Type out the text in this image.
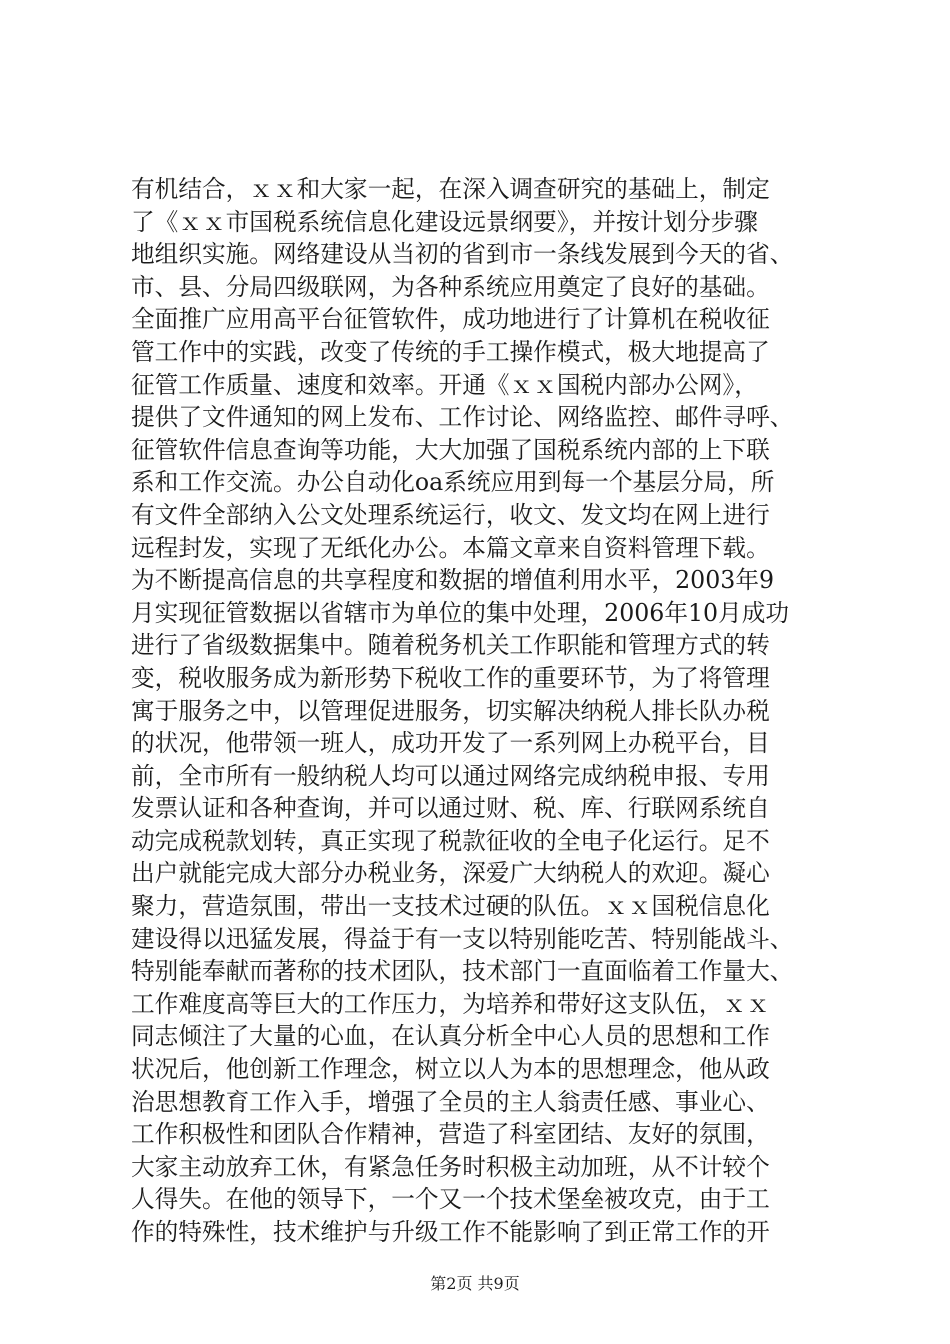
有机结合，ｘｘ和大家一起，在深入调查研究的基础上，制定
了《ｘｘ市国税系统信息化建设远景纲要》，并按计划分步骤
地组织实施。网络建设从当初的省到市一条线发展到今天的省、
市、县、分局四级联网，为各种系统应用奠定了良好的基础。
全面推广应用高平台征管软件，成功地进行了计算机在税收征
管工作中的实践，改变了传统的手工操作模式，极大地提高了
征管工作质量、速度和效率。开通《ｘｘ国税内部办公网》，
提供了文件通知的网上发布、工作讨论、网络监控、邮件寻呼、
征管软件信息查询等功能，大大加强了国税系统内部的上下联
系和工作交流。办公自动化oa系统应用到每一个基层分局，所
有文件全部纳入公文处理系统运行，收文、发文均在网上进行
远程封发，实现了无纸化办公。本篇文章来自资料管理下载。
为不断提高信息的共享程度和数据的增值利用水平，2003年9
月实现征管数据以省辖市为单位的集中处理，2006年10月成功
进行了省级数据集中。随着税务机关工作职能和管理方式的转
变，税收服务成为新形势下税收工作的重要环节，为了将管理
寓于服务之中，以管理促进服务，切实解决纳税人排长队办税
的状况，他带领一班人，成功开发了一系列网上办税平台，目
前，全市所有一般纳税人均可以通过网络完成纳税申报、专用
发票认证和各种查询，并可以通过财、税、库、行联网系统自
动完成税款划转，真正实现了税款征收的全电子化运行。足不
出户就能完成大部分办税业务，深爱广大纳税人的欢迎。凝心
聚力，营造氛围，带出一支技术过硬的队伍。ｘｘ国税信息化
建设得以迅猛发展，得益于有一支以特别能吃苦、特别能战斗、
特别能奉献而著称的技术团队，技术部门一直面临着工作量大、
工作难度高等巨大的工作压力，为培养和带好这支队伍，ｘｘ
同志倾注了大量的心血，在认真分析全中心人员的思想和工作
状况后，他创新工作理念，树立以人为本的思想理念，他从政
治思想教育工作入手，增强了全员的主人翁责任感、事业心、
工作积极性和团队合作精神，营造了科室团结、友好的氛围，
大家主动放弃工休，有紧急任务时积极主动加班，从不计较个
人得失。在他的领导下，一个又一个技术堡垒被攻克，由于工
作的特殊性，技术维护与升级工作不能影响了到正常工作的开
第2页 共9页
